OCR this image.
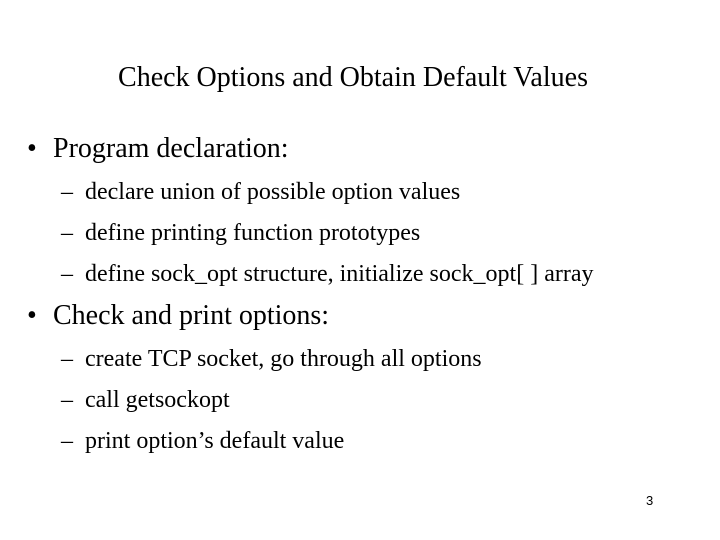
Check Options and Obtain Default Values
• Program declaration:
– declare union of possible option values
– define printing function prototypes
– define sock_opt structure, initialize sock_opt[ ] array
• Check and print options:
– create TCP socket, go through all options
– call getsockopt
– print option’s default value
3
